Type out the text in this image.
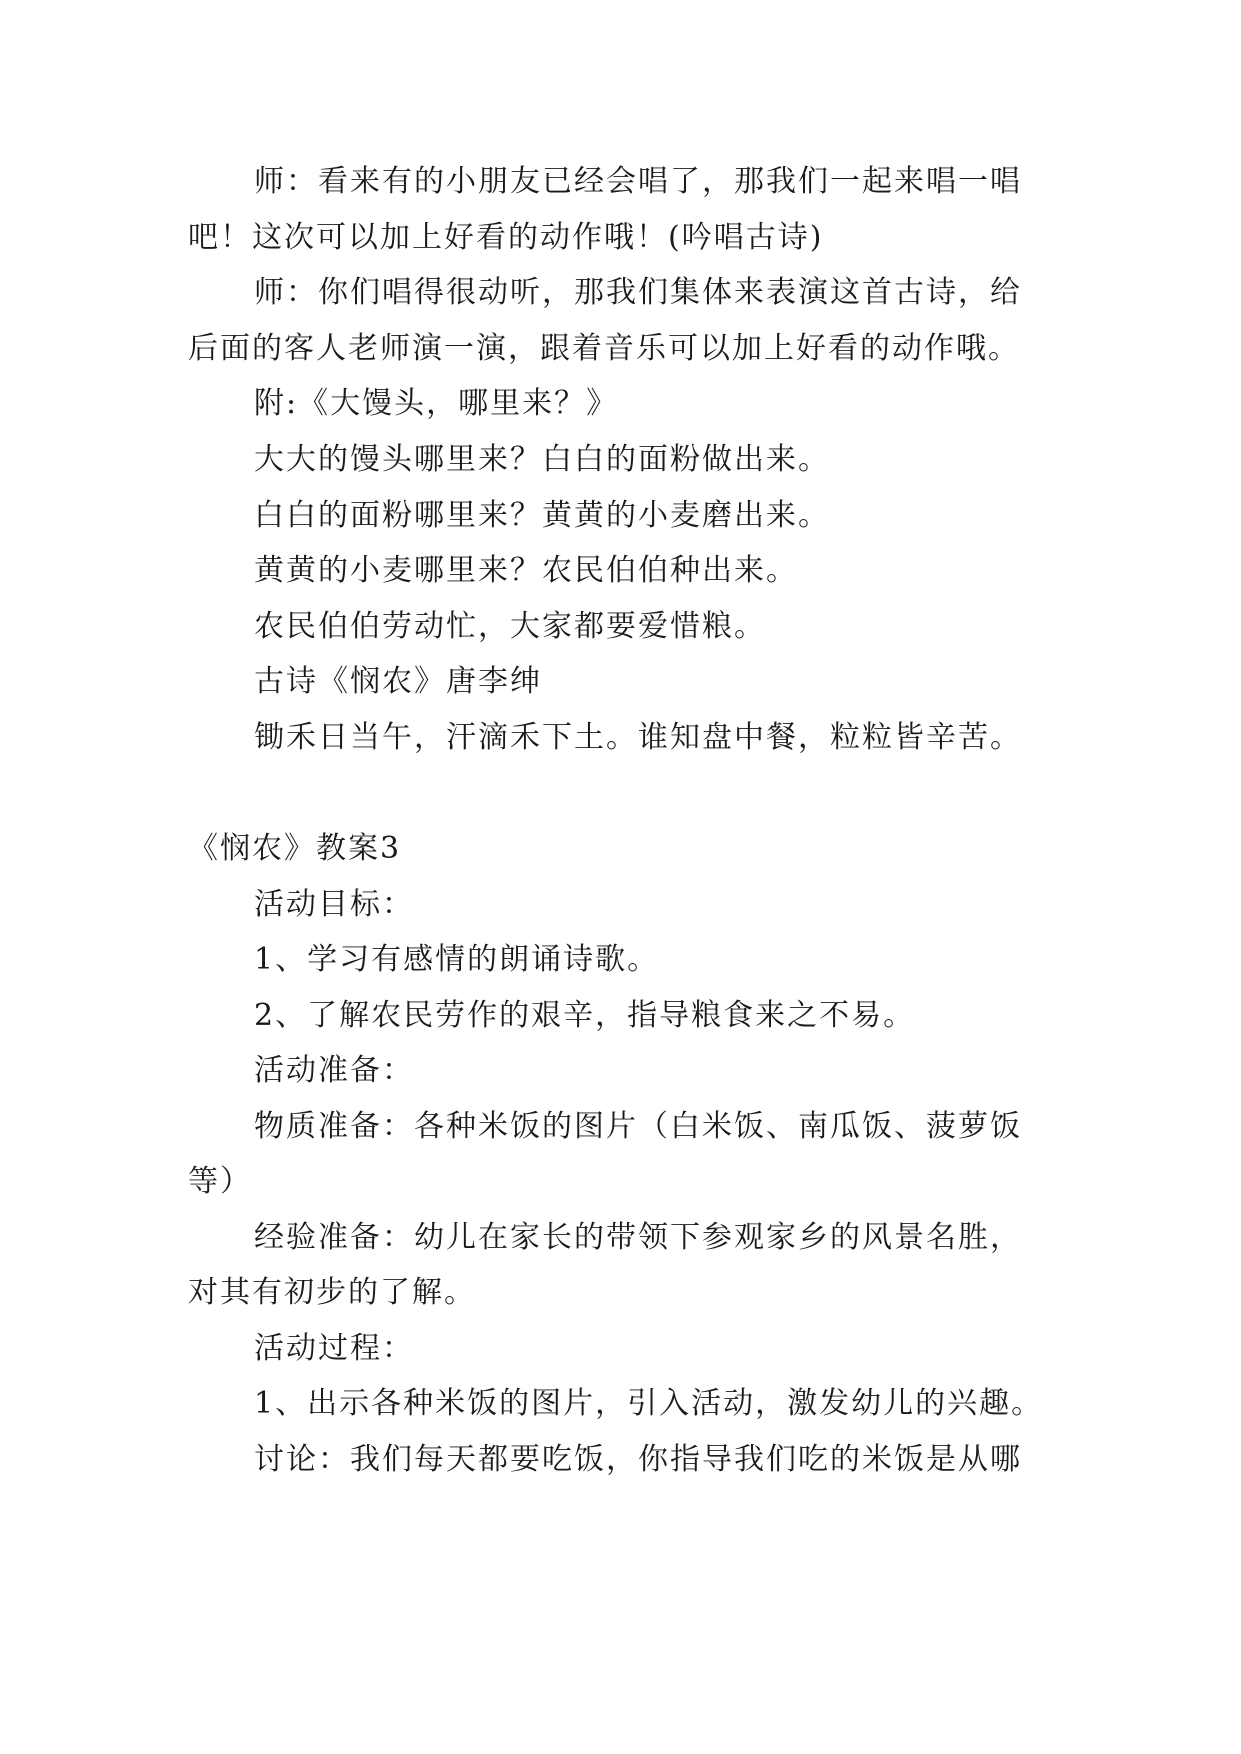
师：看来有的小朋友已经会唱了，那我们一起来唱一唱
吧！这次可以加上好看的动作哦！(吟唱古诗)
师：你们唱得很动听，那我们集体来表演这首古诗，给
后面的客人老师演一演，跟着音乐可以加上好看的动作哦。
附:《大馒头，哪里来？》
大大的馒头哪里来？白白的面粉做出来。
白白的面粉哪里来？黄黄的小麦磨出来。
黄黄的小麦哪里来？农民伯伯种出来。
农民伯伯劳动忙，大家都要爱惜粮。
古诗《悯农》唐李绅
锄禾日当午，汗滴禾下土。谁知盘中餐，粒粒皆辛苦。
《悯农》教案3
活动目标：
1、学习有感情的朗诵诗歌。
2、了解农民劳作的艰辛，指导粮食来之不易。
活动准备：
物质准备：各种米饭的图片（白米饭、南瓜饭、菠萝饭
等）
经验准备：幼儿在家长的带领下参观家乡的风景名胜，
对其有初步的了解。
活动过程：
1、出示各种米饭的图片，引入活动，激发幼儿的兴趣。
讨论：我们每天都要吃饭，你指导我们吃的米饭是从哪
